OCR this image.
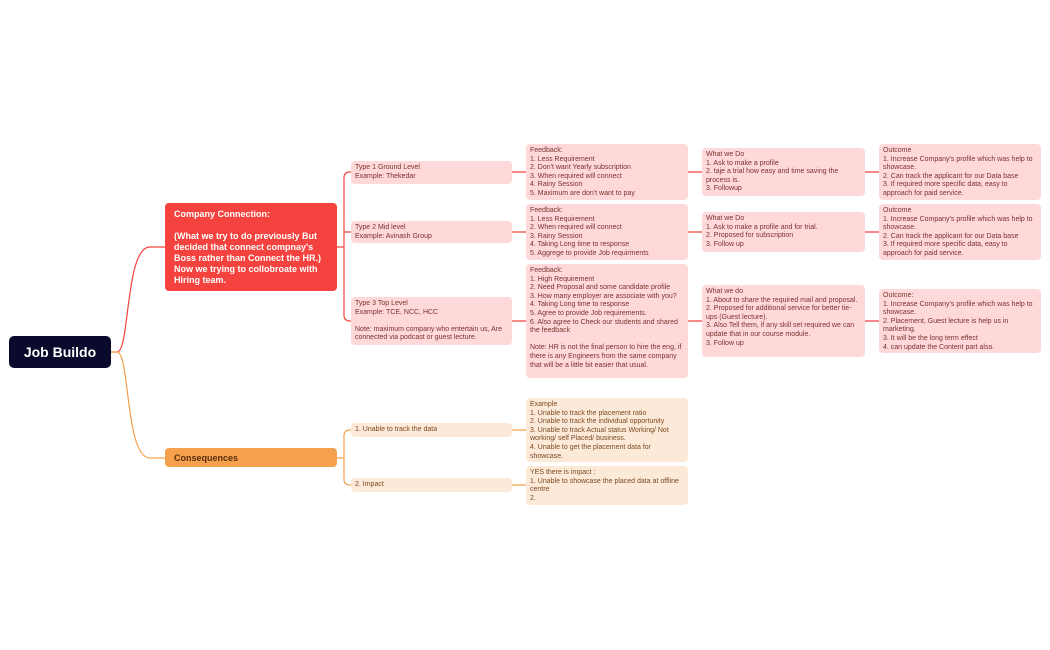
Job Buildo
Company Connection:

(What we try to do previously But decided that connect compnay's Boss rather than Connect the HR.) Now we trying to collobroate with Hiring team.
Consequences
Type 1 Ground Level
Example: Thekedar
Type 2 Mid level
Example: Avinash Group
Type 3 Top Level
Example: TCE, NCC, HCC

Note: maximum company who entertain us, Are connected via podcast or guest lecture.
Feedback:
1. Less Requirement
2. Don't want Yearly subscription
3. When required will connect
4. Rainy Session
5. Maximum are don't want to pay
Feedback:
1. Less Requirement
2. When required will connect
3. Rainy Session
4. Taking Long time to response
5. Aggrege to provide Job requirments
Feedback:
1. High Requirement
2. Need Proposal and some candidate profile
3. How many employer are associate with you?
4. Taking Long time to response
5. Agree to provide Job requirements.
6. Also agree to Check our students and shared the feedback

Note: HR is not the final person to hire the eng, if there is any Engineers from the same company that will be a little bit easier that usual.
What we Do
1. Ask to make a profile
2. taje a trial how easy and time saving the process is.
3. Followup
What we Do
1. Ask to make a profile and for trial.
2. Proposed for subscription
3. Follow up
What we do
1. About to share the required mail and proposal.
2. Proposed for additional service for better tie-ups (Guest lecture).
3. Also Tell them, if any skill set required we can update that in our course module.
3. Follow up
Outcome
1. Increase Company's profile which was help to showcase.
2. Can track the applicant for our Data base
3. If required more specific data, easy to approach for paid service.
Outcome
1. Increase Company's profile which was help to showcase.
2. Can track the applicant for our Data base
3. If required more specific data, easy to approach for paid service.
Outcome:
1. Increase Company's profile which was help to showcase.
2. Placement, Guest lecture is help us in marketing.
3. It will be the long term effect
4. can update the Content part also.
1. Unable to track the data
2. Impact
Example
1. Unable to track the placement ratio
2. Unable to track the individual opportunity
3. Unable to track Actual status Working/ Not working/ self Placed/ business.
4. Unable to get the placement data for showcase.
YES there is impact :
1. Unable to showcase the placed data at offline centre
2.
